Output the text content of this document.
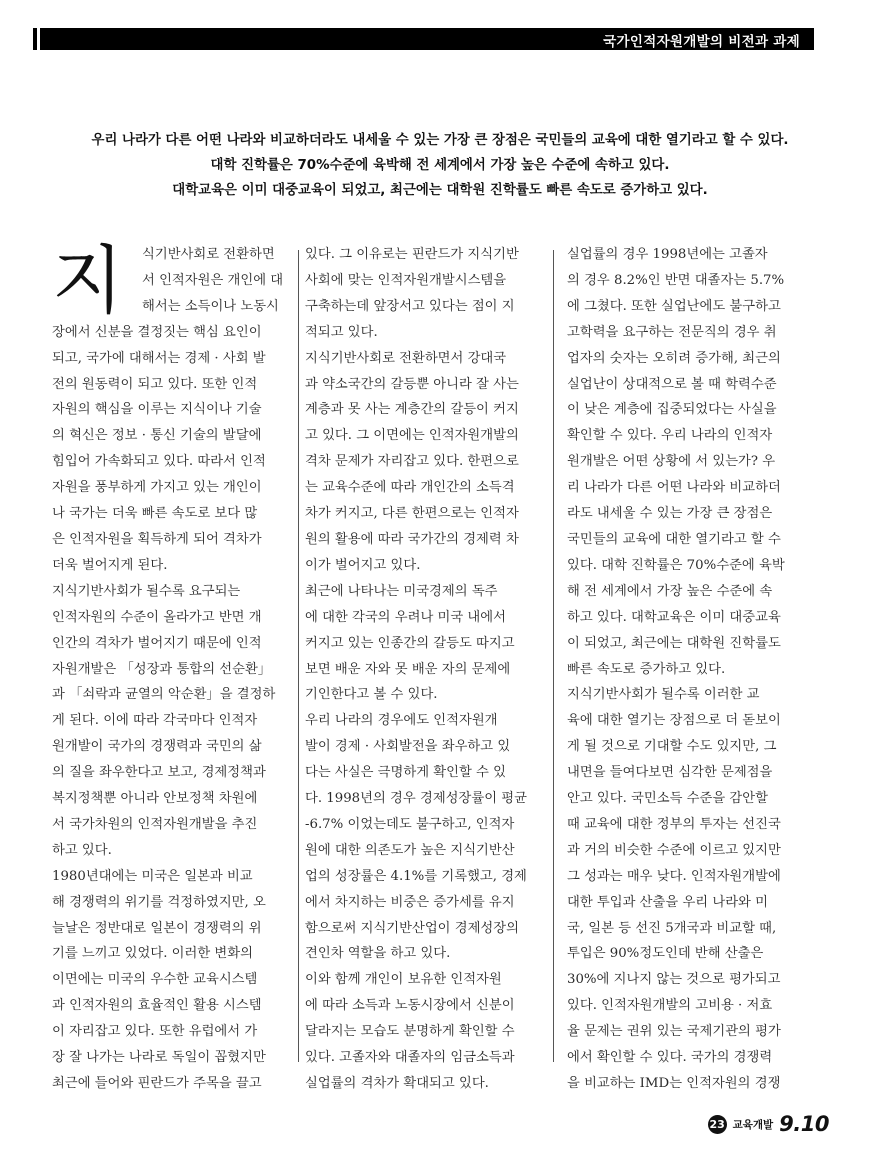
국가인적자원개발의 비전과 과제
우리 나라가 다른 어떤 나라와 비교하더라도 내세울 수 있는 가장 큰 장점은 국민들의 교육에 대한 열기라고 할 수 있다.
대학 진학률은 70%수준에 육박해 전 세계에서 가장 높은 수준에 속하고 있다.
대학교육은 이미 대중교육이 되었고, 최근에는 대학원 진학률도 빠른 속도로 증가하고 있다.
지	식기반사회로 전환하면
서 인적자원은 개인에 대
해서는 소득이나 노동시
장에서 신분을 결정짓는 핵심 요인이
되고, 국가에 대해서는 경제 · 사회 발
전의 원동력이 되고 있다. 또한 인적
자원의 핵심을 이루는 지식이나 기술
의 혁신은 정보 · 통신 기술의 발달에
힘입어 가속화되고 있다. 따라서 인적
자원을 풍부하게 가지고 있는 개인이
나 국가는 더욱 빠른 속도로 보다 많
은 인적자원을 획득하게 되어 격차가
더욱 벌어지게 된다.
지식기반사회가 될수록 요구되는
인적자원의 수준이 올라가고 반면 개
인간의 격차가 벌어지기 때문에 인적
자원개발은 「성장과 통합의 선순환」
과 「쇠락과 균열의 악순환」을 결정하
게 된다. 이에 따라 각국마다 인적자
원개발이 국가의 경쟁력과 국민의 삶
의 질을 좌우한다고 보고, 경제정책과
복지정책뿐 아니라 안보정책 차원에
서 국가차원의 인적자원개발을 추진
하고 있다.
1980년대에는 미국은 일본과 비교
해 경쟁력의 위기를 걱정하였지만, 오
늘날은 정반대로 일본이 경쟁력의 위
기를 느끼고 있었다. 이러한 변화의
이면에는 미국의 우수한 교육시스템
과 인적자원의 효율적인 활용 시스템
이 자리잡고 있다. 또한 유럽에서 가
장 잘 나가는 나라로 독일이 꼽혔지만
최근에 들어와 핀란드가 주목을 끌고
있다. 그 이유로는 핀란드가 지식기반
사회에 맞는 인적자원개발시스템을
구축하는데 앞장서고 있다는 점이 지
적되고 있다.
지식기반사회로 전환하면서 강대국
과 약소국간의 갈등뿐 아니라 잘 사는
계층과 못 사는 계층간의 갈등이 커지
고 있다. 그 이면에는 인적자원개발의
격차 문제가 자리잡고 있다. 한편으로
는 교육수준에 따라 개인간의 소득격
차가 커지고, 다른 한편으로는 인적자
원의 활용에 따라 국가간의 경제력 차
이가 벌어지고 있다.
최근에 나타나는 미국경제의 독주
에 대한 각국의 우려나 미국 내에서
커지고 있는 인종간의 갈등도 따지고
보면 배운 자와 못 배운 자의 문제에
기인한다고 볼 수 있다.
우리 나라의 경우에도 인적자원개
발이 경제 · 사회발전을 좌우하고 있
다는 사실은 극명하게 확인할 수 있
다. 1998년의 경우 경제성장률이 평균
-6.7% 이었는데도 불구하고, 인적자
원에 대한 의존도가 높은 지식기반산
업의 성장률은 4.1%를 기록했고, 경제
에서 차지하는 비중은 증가세를 유지
함으로써 지식기반산업이 경제성장의
견인차 역할을 하고 있다.
이와 함께 개인이 보유한 인적자원
에 따라 소득과 노동시장에서 신분이
달라지는 모습도 분명하게 확인할 수
있다. 고졸자와 대졸자의 임금소득과
실업률의 격차가 확대되고 있다.
실업률의 경우 1998년에는 고졸자
의 경우 8.2%인 반면 대졸자는 5.7%
에 그쳤다. 또한 실업난에도 불구하고
고학력을 요구하는 전문직의 경우 취
업자의 숫자는 오히려 증가해, 최근의
실업난이 상대적으로 볼 때 학력수준
이 낮은 계층에 집중되었다는 사실을
확인할 수 있다. 우리 나라의 인적자
원개발은 어떤 상황에 서 있는가? 우
리 나라가 다른 어떤 나라와 비교하더
라도 내세울 수 있는 가장 큰 장점은
국민들의 교육에 대한 열기라고 할 수
있다. 대학 진학률은 70%수준에 육박
해 전 세계에서 가장 높은 수준에 속
하고 있다. 대학교육은 이미 대중교육
이 되었고, 최근에는 대학원 진학률도
빠른 속도로 증가하고 있다.
지식기반사회가 될수록 이러한 교
육에 대한 열기는 장점으로 더 돋보이
게 될 것으로 기대할 수도 있지만, 그
내면을 들여다보면 심각한 문제점을
안고 있다. 국민소득 수준을 감안할
때 교육에 대한 정부의 투자는 선진국
과 거의 비슷한 수준에 이르고 있지만
그 성과는 매우 낮다. 인적자원개발에
대한 투입과 산출을 우리 나라와 미
국, 일본 등 선진 5개국과 비교할 때,
투입은 90%정도인데 반해 산출은
30%에 지나지 않는 것으로 평가되고
있다. 인적자원개발의 고비용 · 저효
율 문제는 권위 있는 국제기관의 평가
에서 확인할 수 있다. 국가의 경쟁력
을 비교하는 IMD는 인적자원의 경쟁
23 교육개발 9.10
